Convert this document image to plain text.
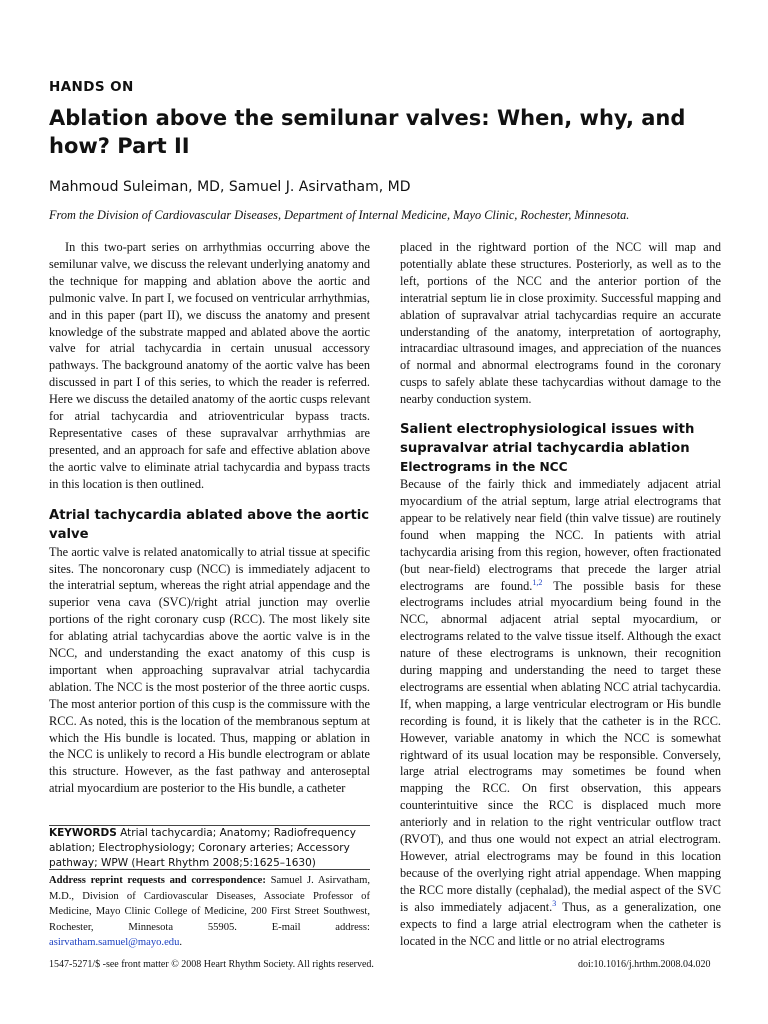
HANDS ON
Ablation above the semilunar valves: When, why, and how? Part II
Mahmoud Suleiman, MD, Samuel J. Asirvatham, MD
From the Division of Cardiovascular Diseases, Department of Internal Medicine, Mayo Clinic, Rochester, Minnesota.

In this two-part series on arrhythmias occurring above the semilunar valve, we discuss the relevant underlying anatomy and the technique for mapping and ablation above the aortic and pulmonic valve. In part I, we focused on ventricular arrhythmias, and in this paper (part II), we discuss the anatomy and present knowledge of the substrate mapped and ablated above the aortic valve for atrial tachycardia in certain unusual accessory pathways. The background anatomy of the aortic valve has been discussed in part I of this series, to which the reader is referred. Here we discuss the detailed anatomy of the aortic cusps relevant for atrial tachycardia and atrioventricular bypass tracts. Representative cases of these supravalvar arrhythmias are presented, and an approach for safe and effective ablation above the aortic valve to eliminate atrial tachycardia and bypass tracts in this location is then outlined.

Atrial tachycardia ablated above the aortic valve

The aortic valve is related anatomically to atrial tissue at specific sites. The noncoronary cusp (NCC) is immediately adjacent to the interatrial septum, whereas the right atrial appendage and the superior vena cava (SVC)/right atrial junction may overlie portions of the right coronary cusp (RCC). The most likely site for ablating atrial tachycardias above the aortic valve is in the NCC, and understanding the exact anatomy of this cusp is important when approaching supravalvar atrial tachycardia ablation. The NCC is the most posterior of the three aortic cusps. The most anterior portion of this cusp is the commissure with the RCC. As noted, this is the location of the membranous septum at which the His bundle is located. Thus, mapping or ablation in the NCC is unlikely to record a His bundle electrogram or ablate this structure. However, as the fast pathway and anteroseptal atrial myocardium are posterior to the His bundle, a catheter

KEYWORDS Atrial tachycardia; Anatomy; Radiofrequency ablation; Electrophysiology; Coronary arteries; Accessory pathway; WPW (Heart Rhythm 2008;5:1625–1630)
Address reprint requests and correspondence: Samuel J. Asirvatham, M.D., Division of Cardiovascular Diseases, Associate Professor of Medicine, Mayo Clinic College of Medicine, 200 First Street Southwest, Rochester, Minnesota 55905. E-mail address: asirvatham.samuel@mayo.edu.

placed in the rightward portion of the NCC will map and potentially ablate these structures. Posteriorly, as well as to the left, portions of the NCC and the anterior portion of the interatrial septum lie in close proximity. Successful mapping and ablation of supravalvar atrial tachycardias require an accurate understanding of the anatomy, interpretation of aortography, intracardiac ultrasound images, and appreciation of the nuances of normal and abnormal electrograms found in the coronary cusps to safely ablate these tachycardias without damage to the nearby conduction system.

Salient electrophysiological issues with supravalvar atrial tachycardia ablation
Electrograms in the NCC

Because of the fairly thick and immediately adjacent atrial myocardium of the atrial septum, large atrial electrograms that appear to be relatively near field (thin valve tissue) are routinely found when mapping the NCC. In patients with atrial tachycardia arising from this region, however, often fractionated (but near-field) electrograms that precede the larger atrial electrograms are found.$^{1,2}$ The possible basis for these electrograms includes atrial myocardium being found in the NCC, abnormal adjacent atrial septal myocardium, or electrograms related to the valve tissue itself. Although the exact nature of these electrograms is unknown, their recognition during mapping and understanding the need to target these electrograms are essential when ablating NCC atrial tachycardia. If, when mapping, a large ventricular electrogram or His bundle recording is found, it is likely that the catheter is in the RCC. However, variable anatomy in which the NCC is somewhat rightward of its usual location may be responsible. Conversely, large atrial electrograms may sometimes be found when mapping the RCC. On first observation, this appears counterintuitive since the RCC is displaced much more anteriorly and in relation to the right ventricular outflow tract (RVOT), and thus one would not expect an atrial electrogram. However, atrial electrograms may be found in this location because of the overlying right atrial appendage. When mapping the RCC more distally (cephalad), the medial aspect of the SVC is also immediately adjacent.$^3$ Thus, as a generalization, one expects to find a large atrial electrogram when the catheter is located in the NCC and little or no atrial electrograms

1547-5271/$ -see front matter © 2008 Heart Rhythm Society. All rights reserved.	doi:10.1016/j.hrthm.2008.04.020
